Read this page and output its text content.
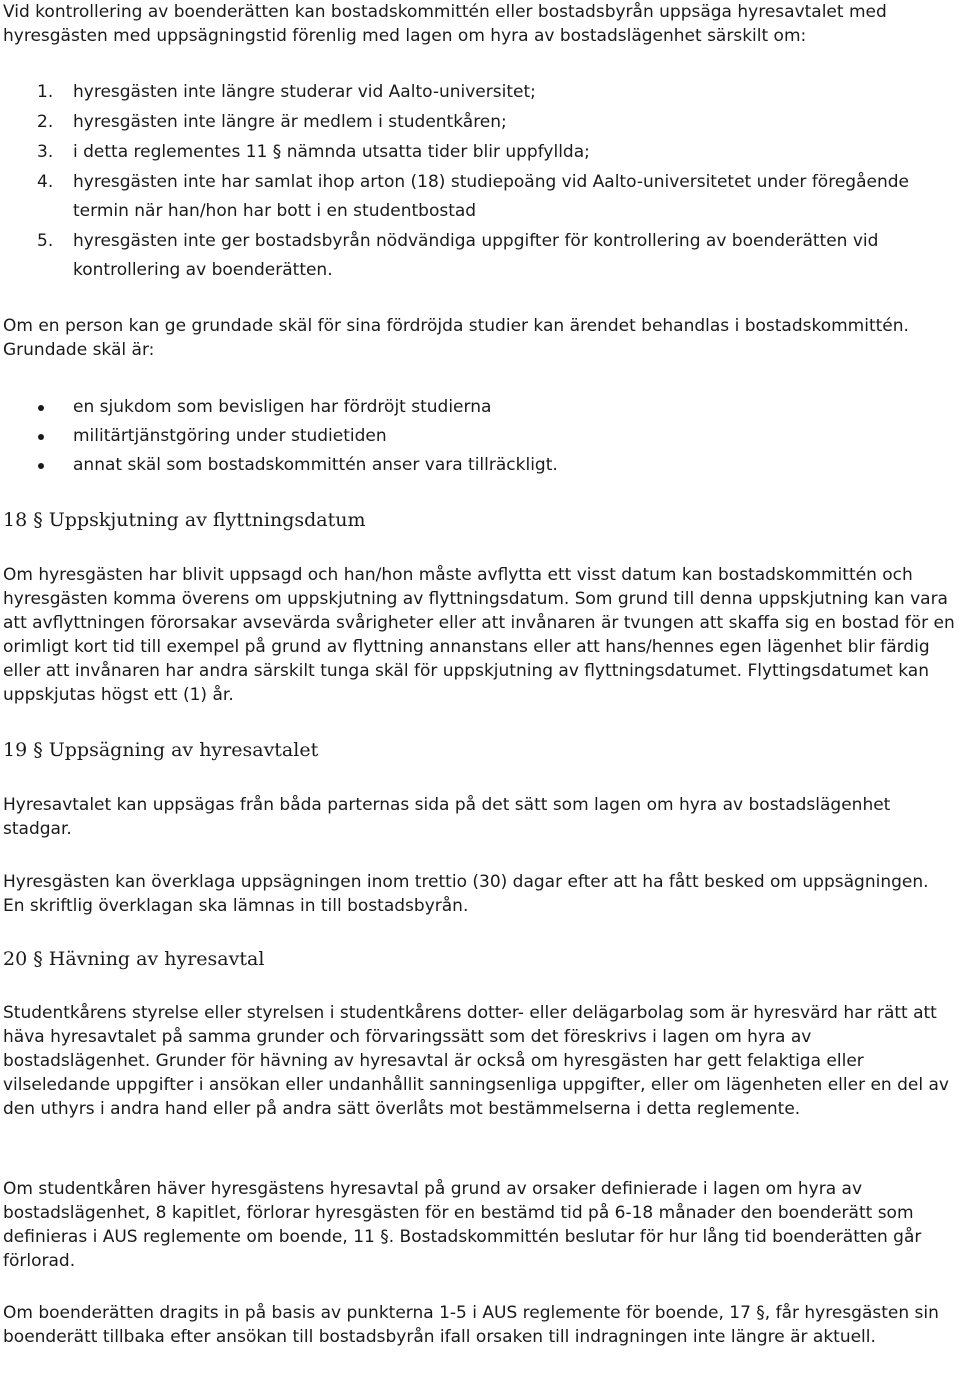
Vid kontrollering av boenderätten kan bostadskommittén eller bostadsbyrån uppsäga hyresavtalet med hyresgästen med uppsägningstid förenlig med lagen om hyra av bostadslägenhet särskilt om:

1. hyresgästen inte längre studerar vid Aalto-universitet;
2. hyresgästen inte längre är medlem i studentkåren;
3. i detta reglementes 11 § nämnda utsatta tider blir uppfyllda;
4. hyresgästen inte har samlat ihop arton (18) studiepoäng vid Aalto-universitetet under föregående termin när han/hon har bott i en studentbostad
5. hyresgästen inte ger bostadsbyrån nödvändiga uppgifter för kontrollering av boenderätten vid kontrollering av boenderätten.

Om en person kan ge grundade skäl för sina fördröjda studier kan ärendet behandlas i bostadskommittén. Grundade skäl är:

en sjukdom som bevisligen har fördröjt studierna
militärtjänstgöring under studietiden
annat skäl som bostadskommittén anser vara tillräckligt.
18 § Uppskjutning av flyttningsdatum

Om hyresgästen har blivit uppsagd och han/hon måste avflytta ett visst datum kan bostadskommittén och hyresgästen komma överens om uppskjutning av flyttningsdatum. Som grund till denna uppskjutning kan vara att avflyttningen förorsakar avsevärda svårigheter eller att invånaren är tvungen att skaffa sig en bostad för en orimligt kort tid till exempel på grund av flyttning annanstans eller att hans/hennes egen lägenhet blir färdig eller att invånaren har andra särskilt tunga skäl för uppskjutning av flyttningsdatumet. Flyttingsdatumet kan uppskjutas högst ett (1) år.

19 § Uppsägning av hyresavtalet

Hyresavtalet kan uppsägas från båda parternas sida på det sätt som lagen om hyra av bostadslägenhet stadgar.

Hyresgästen kan överklaga uppsägningen inom trettio (30) dagar efter att ha fått besked om uppsägningen. En skriftlig överklagan ska lämnas in till bostadsbyrån.

20 § Hävning av hyresavtal

Studentkårens styrelse eller styrelsen i studentkårens dotter- eller delägarbolag som är hyresvärd har rätt att häva hyresavtalet på samma grunder och förvaringssätt som det föreskrivs i lagen om hyra av bostadslägenhet. Grunder för hävning av hyresavtal är också om hyresgästen har gett felaktiga eller vilseledande uppgifter i ansökan eller undanhållit sanningsenliga uppgifter, eller om lägenheten eller en del av den uthyrs i andra hand eller på andra sätt överlåts mot bestämmelserna i detta reglemente.

Om studentkåren häver hyresgästens hyresavtal på grund av orsaker definierade i lagen om hyra av bostadslägenhet, 8 kapitlet, förlorar hyresgästen för en bestämd tid på 6-18 månader den boenderätt som definieras i AUS reglemente om boende, 11 §. Bostadskommittén beslutar för hur lång tid boenderätten går förlorad.

Om boenderätten dragits in på basis av punkterna 1-5 i AUS reglemente för boende, 17 §, får hyresgästen sin boenderätt tillbaka efter ansökan till bostadsbyrån ifall orsaken till indragningen inte längre är aktuell.
